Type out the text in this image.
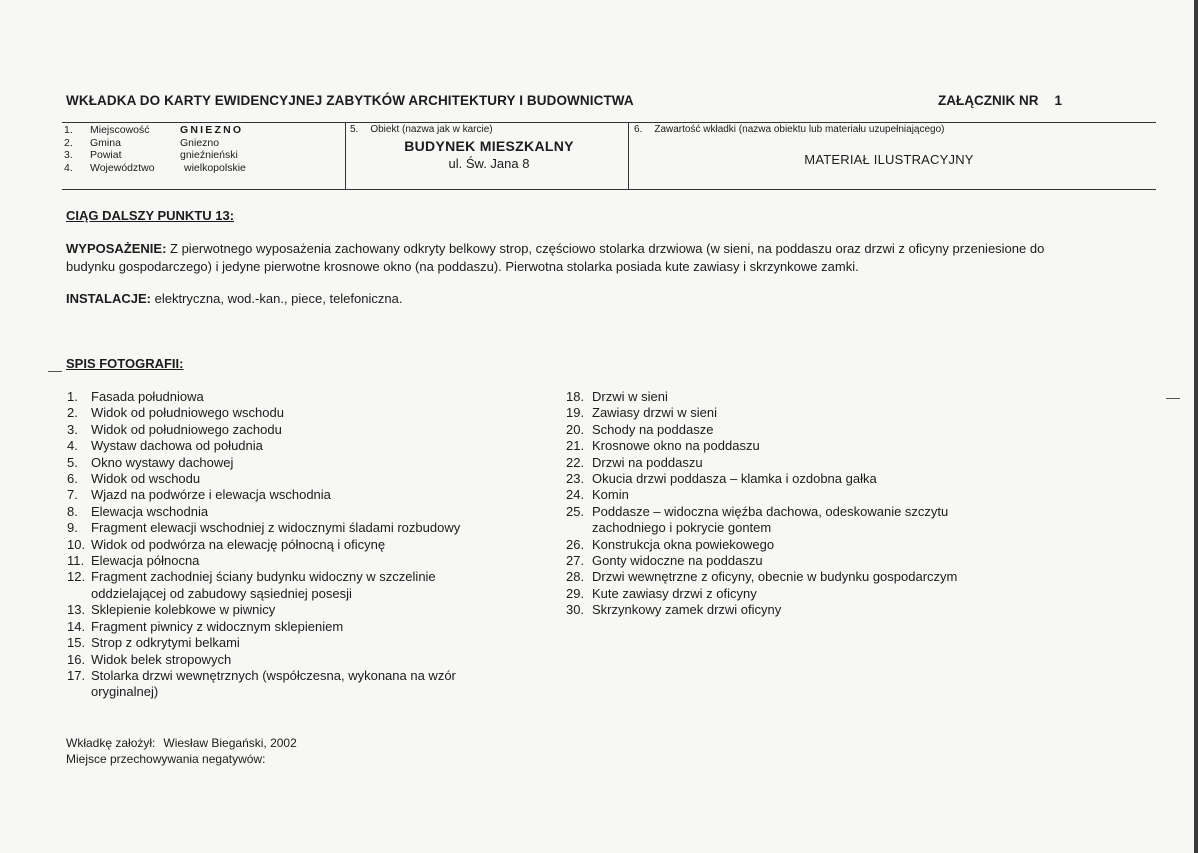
WKŁADKA DO KARTY EWIDENCYJNEJ ZABYTKÓW ARCHITEKTURY I BUDOWNICTWA	ZAŁĄCZNIK NR 1
1.	Miejscowość	GNIEZNO
2.	Gmina	Gniezno
3.	Powiat	gnieźnieński
4.	Województwo	wielkopolskie
5. Obiekt (nazwa jak w karcie)
BUDYNEK MIESZKALNY
ul. Św. Jana 8
6. Zawartość wkładki (nazwa obiektu lub materiału uzupełniającego)
MATERIAŁ ILUSTRACYJNY
CIĄG DALSZY PUNKTU 13:
WYPOSAŻENIE: Z pierwotnego wyposażenia zachowany odkryty belkowy strop, częściowo stolarka drzwiowa (w sieni, na poddaszu oraz drzwi z oficyny przeniesione do
budynku gospodarczego) i jedyne pierwotne krosnowe okno (na poddaszu). Pierwotna stolarka posiada kute zawiasy i skrzynkowe zamki.
INSTALACJE: elektryczna, wod.-kan., piece, telefoniczna.
SPIS FOTOGRAFII:
1.	Fasada południowa
2.	Widok od południowego wschodu
3.	Widok od południowego zachodu
4.	Wystaw dachowa od południa
5.	Okno wystawy dachowej
6.	Widok od wschodu
7.	Wjazd na podwórze i elewacja wschodnia
8.	Elewacja wschodnia
9.	Fragment elewacji wschodniej z widocznymi śladami rozbudowy
10. Widok od podwórza na elewację północną i oficynę
11. Elewacja północna
12. Fragment zachodniej ściany budynku widoczny w szczelinie
oddzielającej od zabudowy sąsiedniej posesji
13. Sklepienie kolebkowe w piwnicy
14. Fragment piwnicy z widocznym sklepieniem
15. Strop z odkrytymi belkami
16. Widok belek stropowych
17. Stolarka drzwi wewnętrznych (współczesna, wykonana na wzór
oryginalnej)
18. Drzwi w sieni
19. Zawiasy drzwi w sieni
20. Schody na poddasze
21. Krosnowe okno na poddaszu
22. Drzwi na poddaszu
23. Okucia drzwi poddasza – klamka i ozdobna gałka
24. Komin
25. Poddasze – widoczna więźba dachowa, odeskowanie szczytu
zachodniego i pokrycie gontem
26. Konstrukcja okna powiekowego
27. Gonty widoczne na poddaszu
28. Drzwi wewnętrzne z oficyny, obecnie w budynku gospodarczym
29. Kute zawiasy drzwi z oficyny
30. Skrzynkowy zamek drzwi oficyny
Wkładkę założył: Wiesław Biegański, 2002
Miejsce przechowywania negatywów:
